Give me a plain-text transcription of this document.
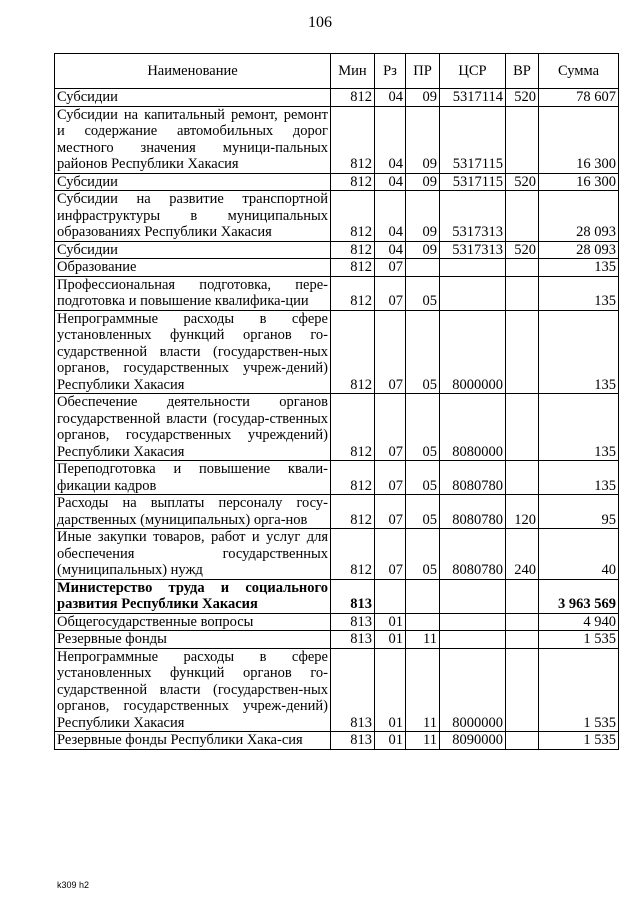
106
Наименование	Мин	Рз	ПР	ЦСР	ВР	Сумма
Субсидии	812	04	09	5317114	520	78 607
Субсидии на капитальный ремонт, ремонт и содержание автомобильных дорог местного значения муници-пальных районов Республики Хакасия	812	04	09	5317115		16 300
Субсидии	812	04	09	5317115	520	16 300
Субсидии на развитие транспортной инфраструктуры в муниципальных образованиях Республики Хакасия	812	04	09	5317313		28 093
Субсидии	812	04	09	5317313	520	28 093
Образование	812	07				135
Профессиональная подготовка, пере-подготовка и повышение квалифика-ции	812	07	05			135
Непрограммные расходы в сфере установленных функций органов го-сударственной власти (государствен-ных органов, государственных учреж-дений) Республики Хакасия	812	07	05	8000000		135
Обеспечение деятельности органов государственной власти (государ-ственных органов, государственных учреждений) Республики Хакасия	812	07	05	8080000		135
Переподготовка и повышение квали-фикации кадров	812	07	05	8080780		135
Расходы на выплаты персоналу госу-дарственных (муниципальных) орга-нов	812	07	05	8080780	120	95
Иные закупки товаров, работ и услуг для обеспечения государственных (муниципальных) нужд	812	07	05	8080780	240	40
Министерство труда и социального развития Республики Хакасия	813					3 963 569
Общегосударственные вопросы	813	01				4 940
Резервные фонды	813	01	11			1 535
Непрограммные расходы в сфере установленных функций органов го-сударственной власти (государствен-ных органов, государственных учреж-дений) Республики Хакасия	813	01	11	8000000		1 535
Резервные фонды Республики Хака-сия	813	01	11	8090000		1 535
k309 h2
